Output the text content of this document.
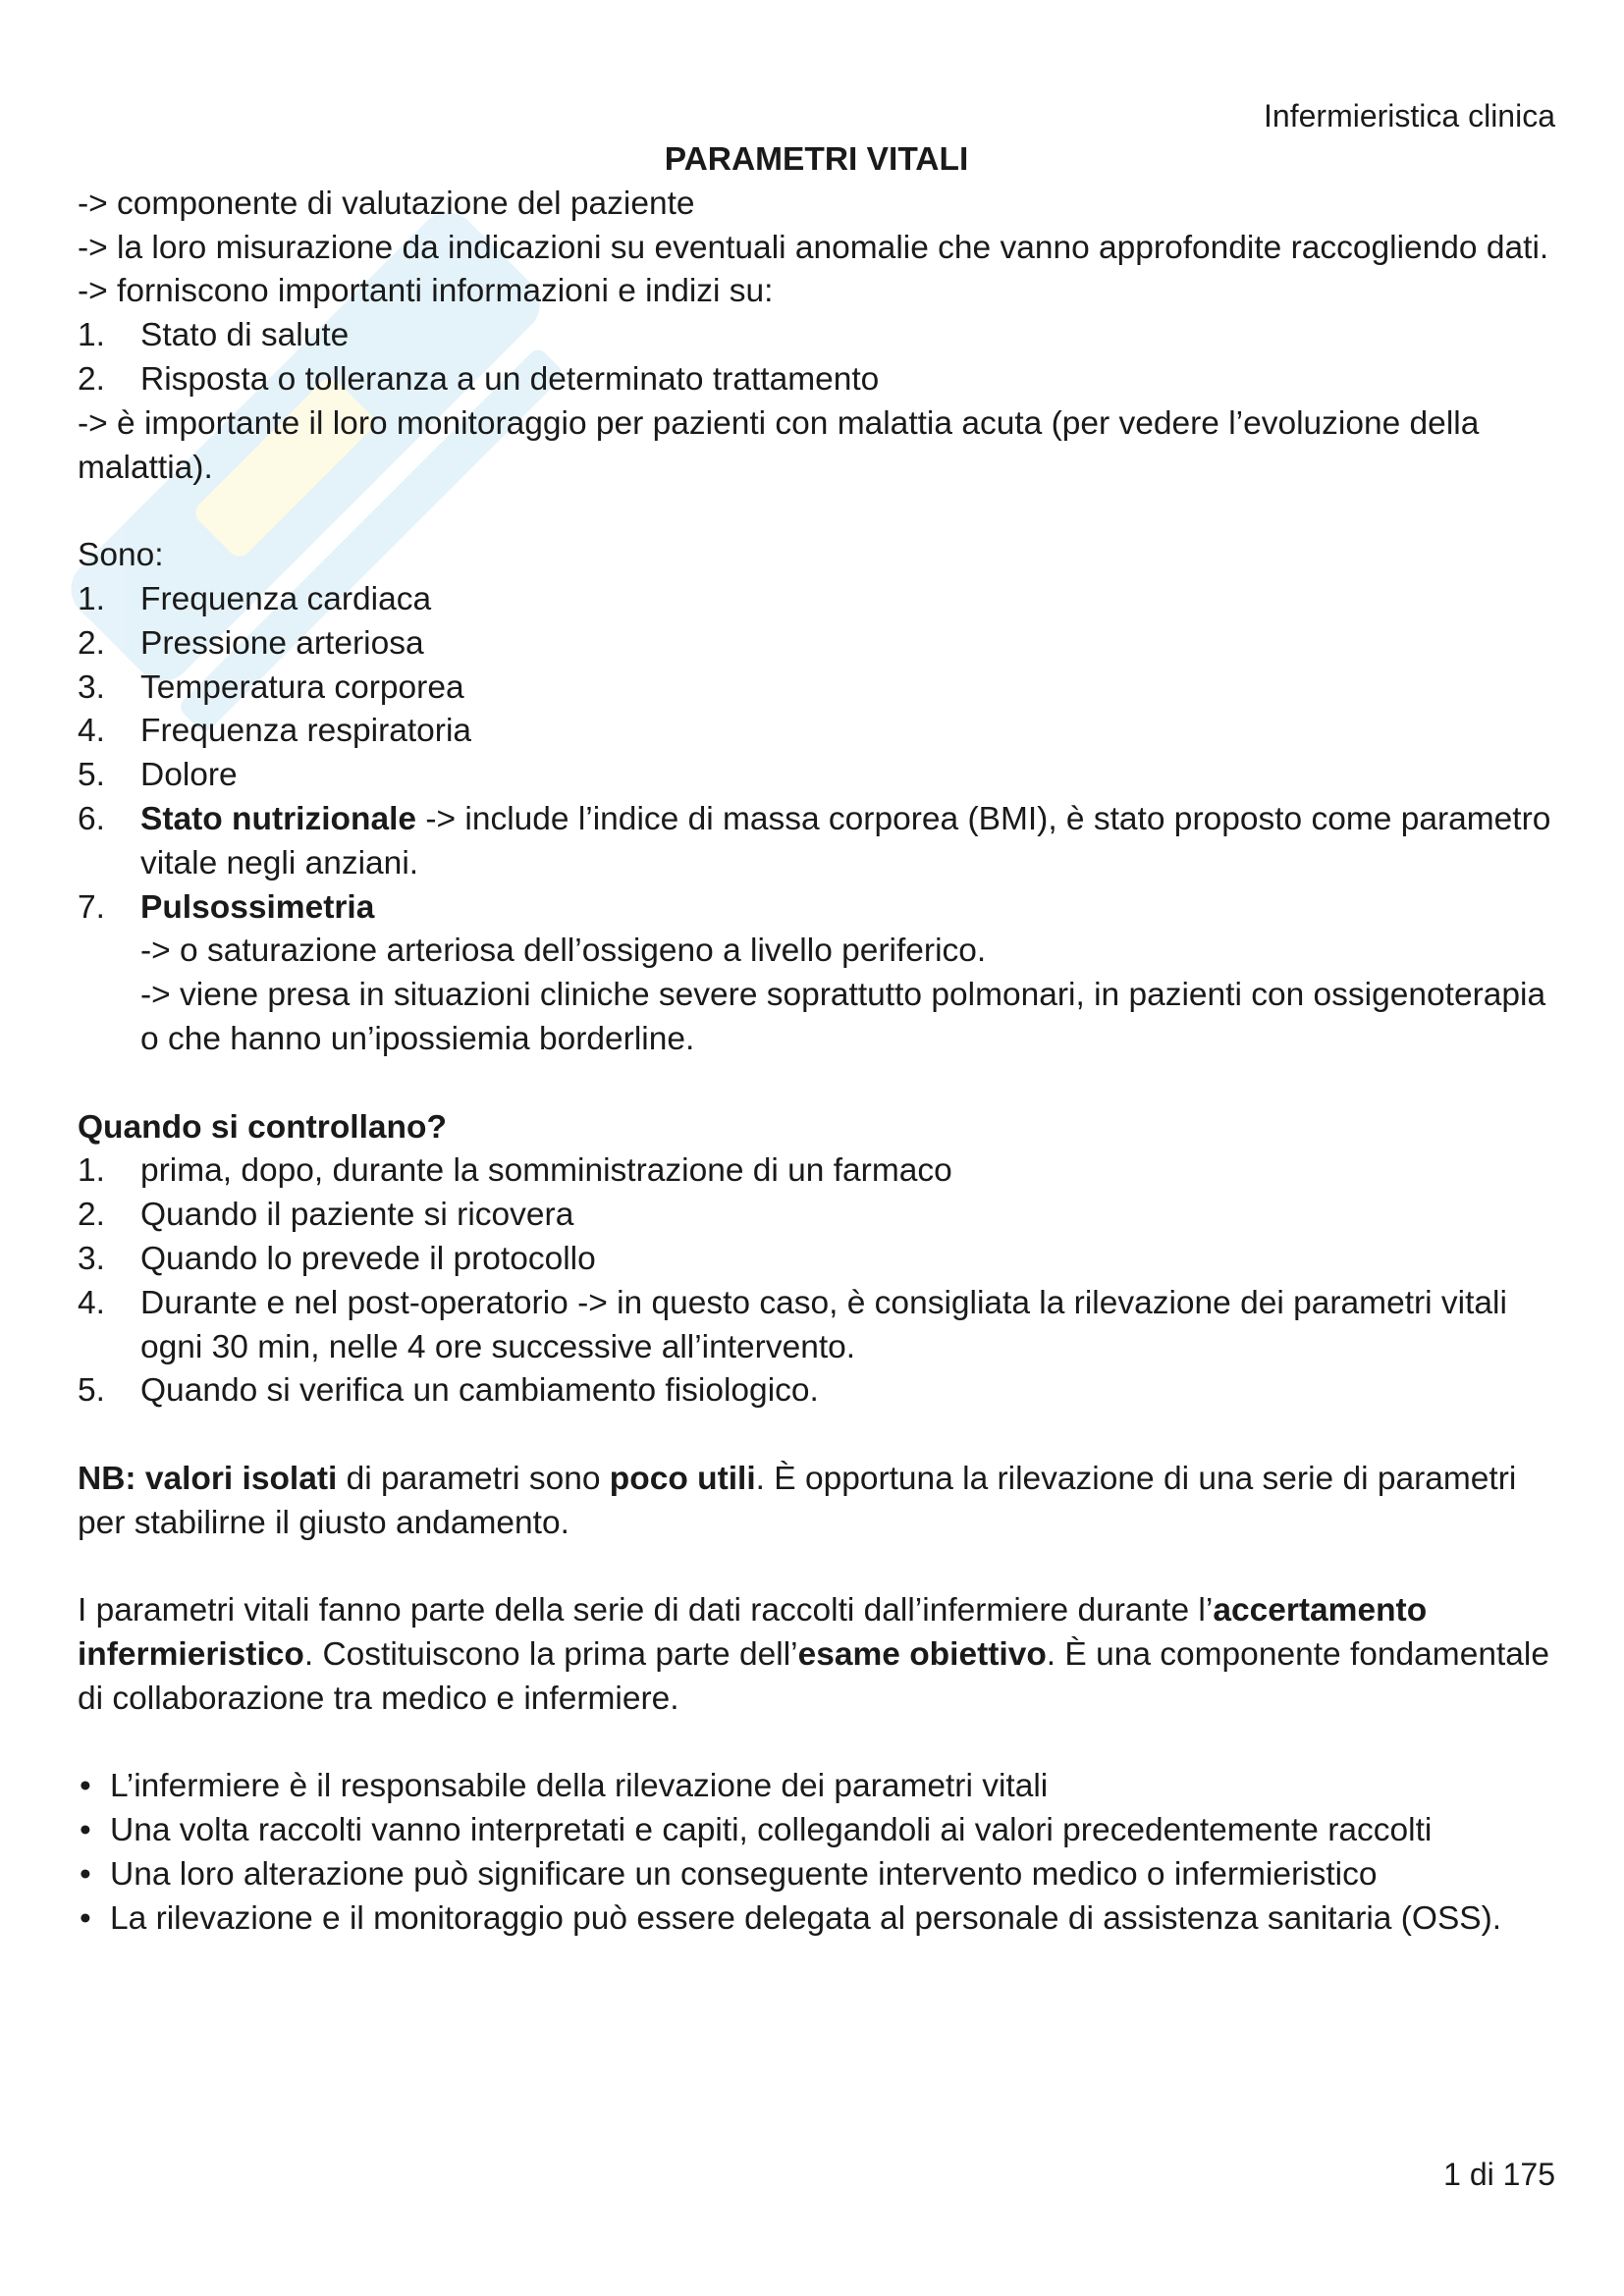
Infermieristica clinica
PARAMETRI VITALI

-> componente di valutazione del paziente

-> la loro misurazione da indicazioni su eventuali anomalie che vanno approfondite raccogliendo dati.

-> forniscono importanti informazioni e indizi su:

1. Stato di salute
2. Risposta o tolleranza a un determinato trattamento

-> è importante il loro monitoraggio per pazienti con malattia acuta (per vedere l’evoluzione della malattia).

Sono:

1. Frequenza cardiaca
2. Pressione arteriosa
3. Temperatura corporea
4. Frequenza respiratoria
5. Dolore
6. Stato nutrizionale -> include l’indice di massa corporea (BMI), è stato proposto come parametro vitale negli anziani.
7. Pulsossimetria
-> o saturazione arteriosa dell’ossigeno a livello periferico.
-> viene presa in situazioni cliniche severe soprattutto polmonari, in pazienti con ossigenoterapia o che hanno un’ipossiemia borderline.

Quando si controllano?

1. prima, dopo, durante la somministrazione di un farmaco
2. Quando il paziente si ricovera
3. Quando lo prevede il protocollo
4. Durante e nel post-operatorio -> in questo caso, è consigliata la rilevazione dei parametri vitali ogni 30 min, nelle 4 ore successive all’intervento.
5. Quando si verifica un cambiamento fisiologico.

NB: valori isolati di parametri sono poco utili. È opportuna la rilevazione di una serie di parametri per stabilirne il giusto andamento.

I parametri vitali fanno parte della serie di dati raccolti dall’infermiere durante l’accertamento infermieristico. Costituiscono la prima parte dell’esame obiettivo. È una componente fondamentale di collaborazione tra medico e infermiere.

• L’infermiere è il responsabile della rilevazione dei parametri vitali
• Una volta raccolti vanno interpretati e capiti, collegandoli ai valori precedentemente raccolti
• Una loro alterazione può significare un conseguente intervento medico o infermieristico
• La rilevazione e il monitoraggio può essere delegata al personale di assistenza sanitaria (OSS).
1 di 175
